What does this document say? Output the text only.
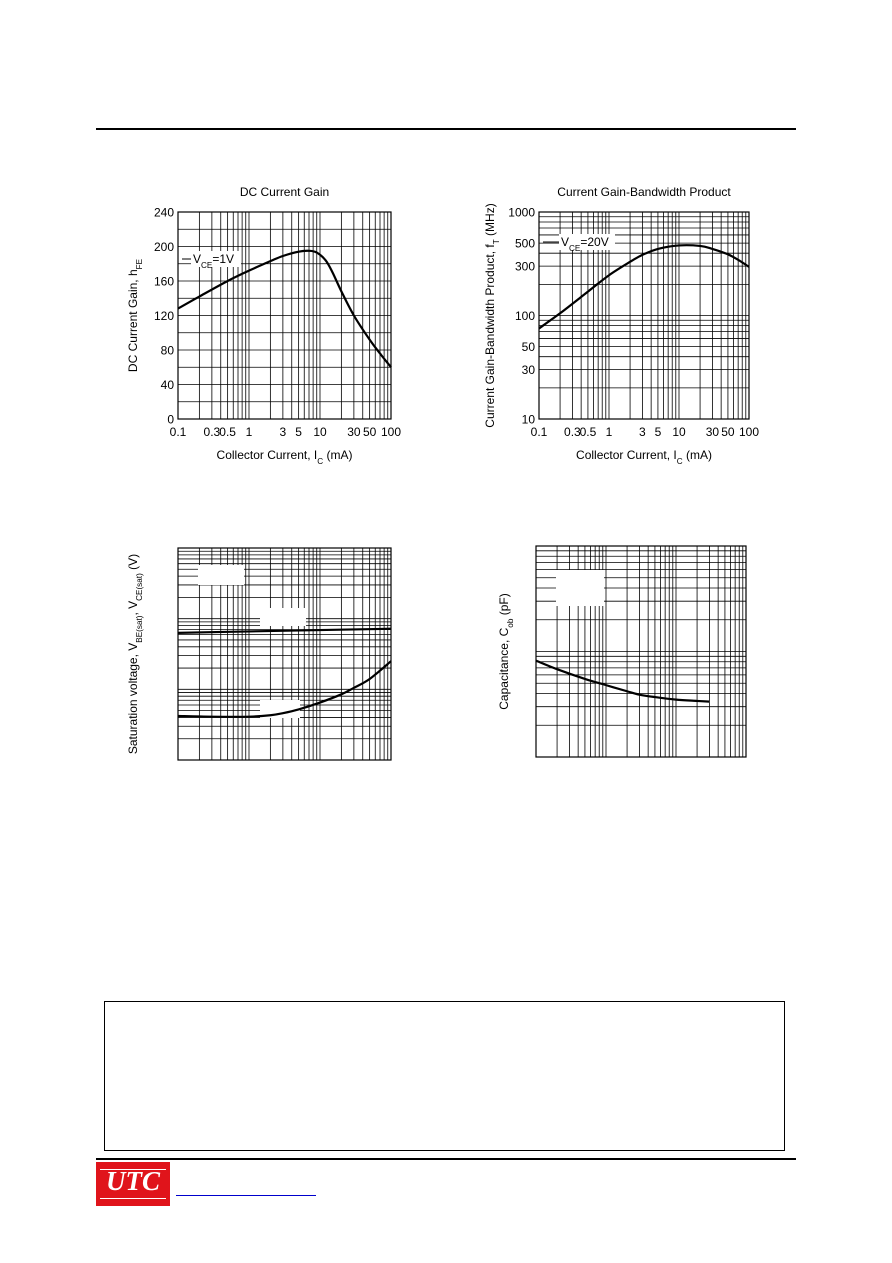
0.1 0.3 0.5 1 3 5 10 30 50 100
0
40
80
120
160
200
240
DC Current Gain
Collector Current, $I_C$ (mA)
DC Current Gain, $h_{FE}$	$V_{CE}=1V$
0.1 0.3
0.5 1 3 5 10 30 50 100
10
30
50
100
300
500
1000
Current Gain-Bandwidth Product
Collector Current, $I_C$ (mA)
Current Gain-Bandwidth Product, $f_T$ (MHz)
$V_{CE}=20V$
Saturation voltage, $V_{BE(sat)}$, $V_{CE(sat)}$ (V)
Capacitance, $C_{ob}$ (pF)
UTC
